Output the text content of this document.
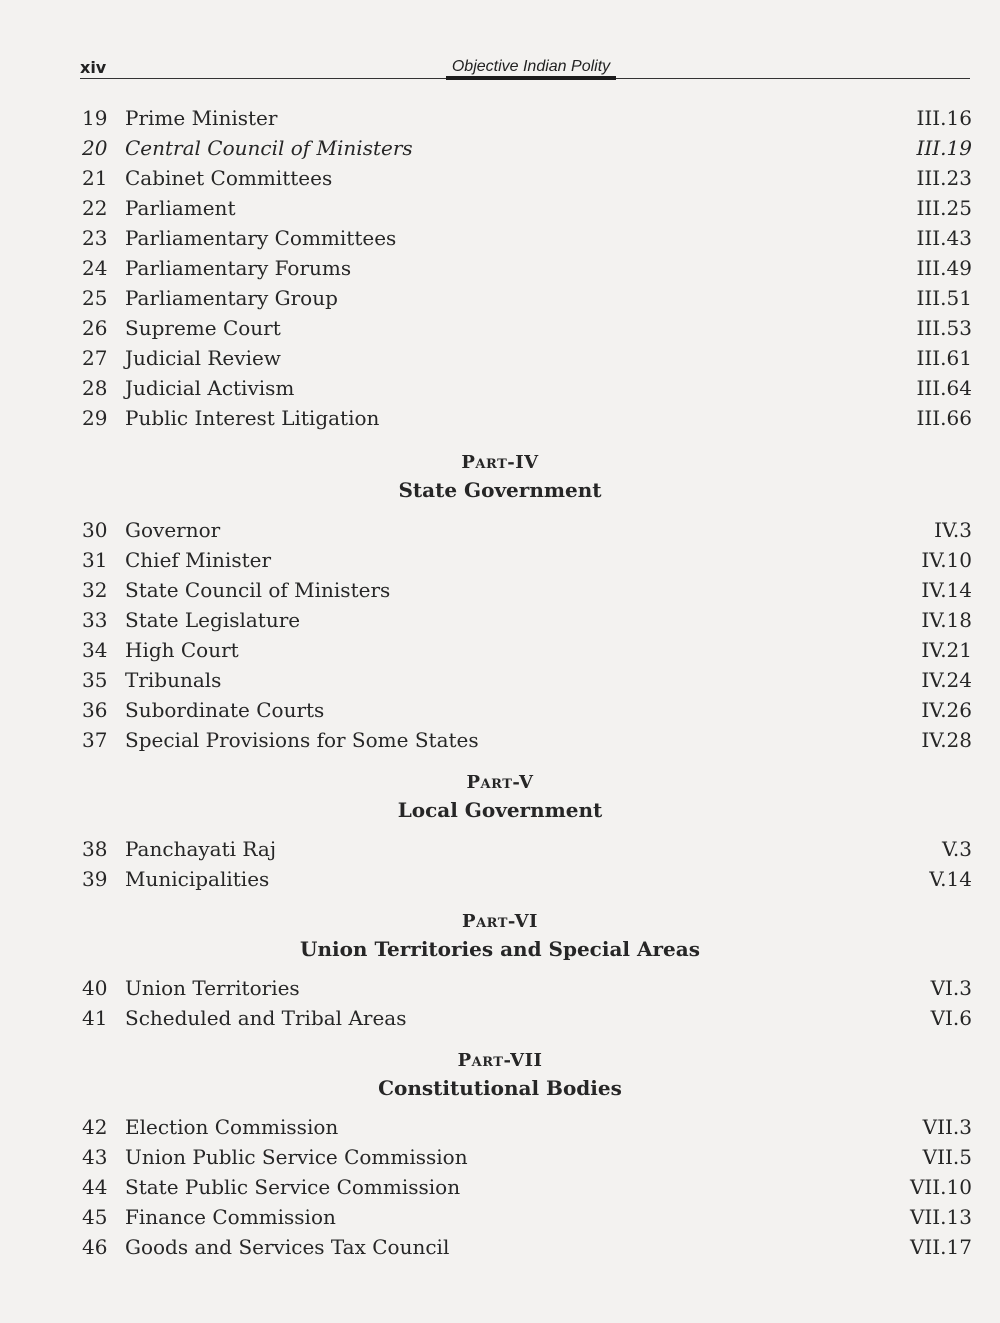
xiv	Objective Indian Polity
19 Prime Minister	III.16
20 Central Council of Ministers	III.19
21 Cabinet Committees	III.23
22 Parliament	III.25
23 Parliamentary Committees	III.43
24 Parliamentary Forums	III.49
25 Parliamentary Group	III.51
26 Supreme Court	III.53
27 Judicial Review	III.61
28 Judicial Activism	III.64
29 Public Interest Litigation	III.66
Part-IV
State Government
30 Governor	IV.3
31 Chief Minister	IV.10
32 State Council of Ministers	IV.14
33 State Legislature	IV.18
34 High Court	IV.21
35 Tribunals	IV.24
36 Subordinate Courts	IV.26
37 Special Provisions for Some States	IV.28
Part-V
Local Government
38 Panchayati Raj	V.3
39 Municipalities	V.14
Part-VI
Union Territories and Special Areas
40 Union Territories	VI.3
41 Scheduled and Tribal Areas	VI.6
Part-VII
Constitutional Bodies
42 Election Commission	VII.3
43 Union Public Service Commission	VII.5
44 State Public Service Commission	VII.10
45 Finance Commission	VII.13
46 Goods and Services Tax Council	VII.17
